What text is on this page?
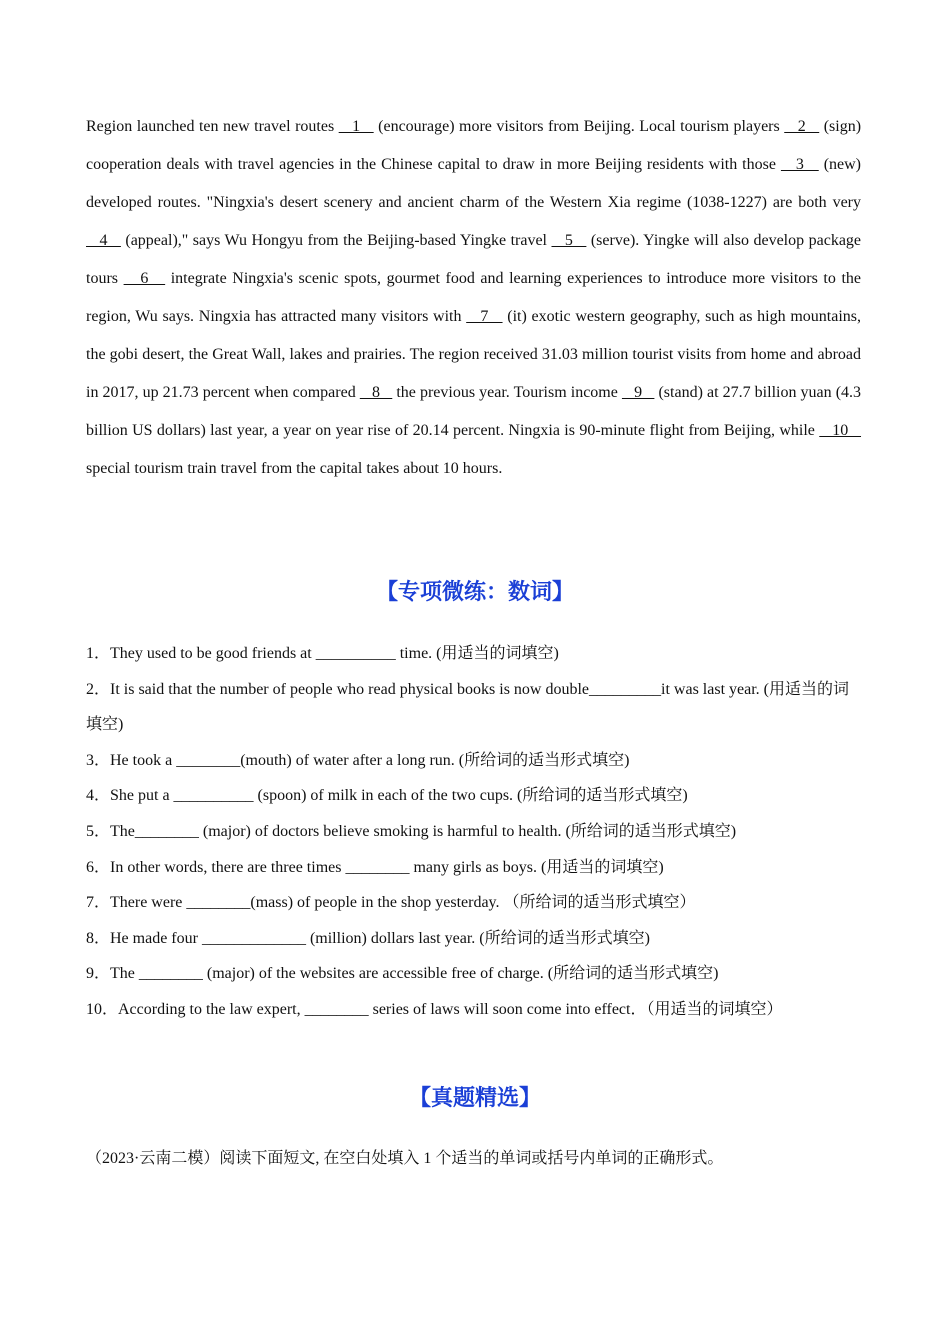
Region launched ten new travel routes    1    (encourage) more visitors from Beijing. Local tourism players    2    (sign) cooperation deals with travel agencies in the Chinese capital to draw in more Beijing residents with those    3    (new) developed routes. "Ningxia's desert scenery and ancient charm of the Western Xia regime (1038-1227) are both very    4    (appeal)," says Wu Hongyu from the Beijing-based Yingke travel    5    (serve). Yingke will also develop package tours    6    integrate Ningxia's scenic spots, gourmet food and learning experiences to introduce more visitors to the region, Wu says. Ningxia has attracted many visitors with    7    (it) exotic western geography, such as high mountains, the gobi desert, the Great Wall, lakes and prairies. The region received 31.03 million tourist visits from home and abroad in 2017, up 21.73 percent when compared    8    the previous year. Tourism income    9    (stand) at 27.7 billion yuan (4.3 billion US dollars) last year, a year on year rise of 20.14 percent. Ningxia is 90-minute flight from Beijing, while    10    special tourism train travel from the capital takes about 10 hours.

【专项微练：数词】

1．They used to be good friends at __________ time. (用适当的词填空)

2．It is said that the number of people who read physical books is now double_________it was last year. (用适当的词填空)

3．He took a ________(mouth) of water after a long run. (所给词的适当形式填空)

4．She put a __________ (spoon) of milk in each of the two cups. (所给词的适当形式填空)

5．The________ (major) of doctors believe smoking is harmful to health. (所给词的适当形式填空)

6．In other words, there are three times ________ many girls as boys. (用适当的词填空)

7．There were ________(mass) of people in the shop yesterday. （所给词的适当形式填空）

8．He made four _____________ (million) dollars last year. (所给词的适当形式填空)

9．The ________ (major) of the websites are accessible free of charge. (所给词的适当形式填空)

10．According to the law expert, ________ series of laws will soon come into effect．（用适当的词填空）

【真题精选】
（2023·云南二模）阅读下面短文, 在空白处填入 1 个适当的单词或括号内单词的正确形式。
